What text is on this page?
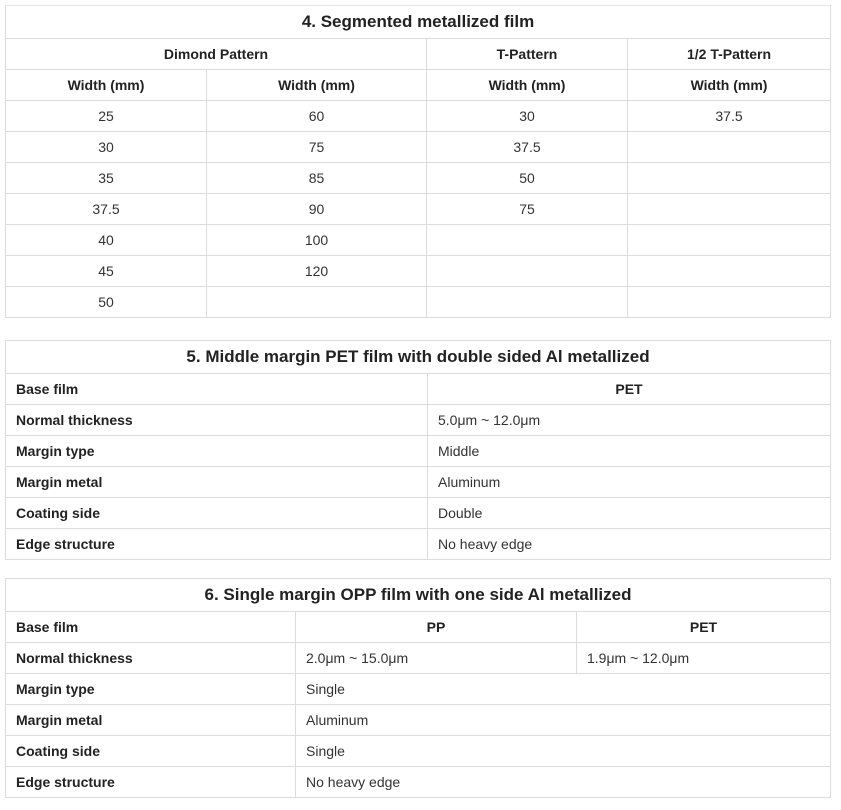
4. Segmented metallized film			
Dimond Pattern		T-Pattern	1/2 T-Pattern
Width (mm)	Width (mm)	Width (mm)	Width (mm)
25	60	30	37.5
30	75	37.5	
35	85	50	
37.5	90	75	
40	100		
45	120		
50			
5. Middle margin PET film with double sided Al metallized	
Base film	PET
Normal thickness	5.0μm ~ 12.0μm
Margin type	Middle
Margin metal	Aluminum
Coating side	Double
Edge structure	No heavy edge
6. Single margin OPP film with one side Al metallized		
Base film	PP	PET
Normal thickness	2.0μm ~ 15.0μm	1.9μm ~ 12.0μm
Margin type	Single	
Margin metal	Aluminum	
Coating side	Single	
Edge structure	No heavy edge	
